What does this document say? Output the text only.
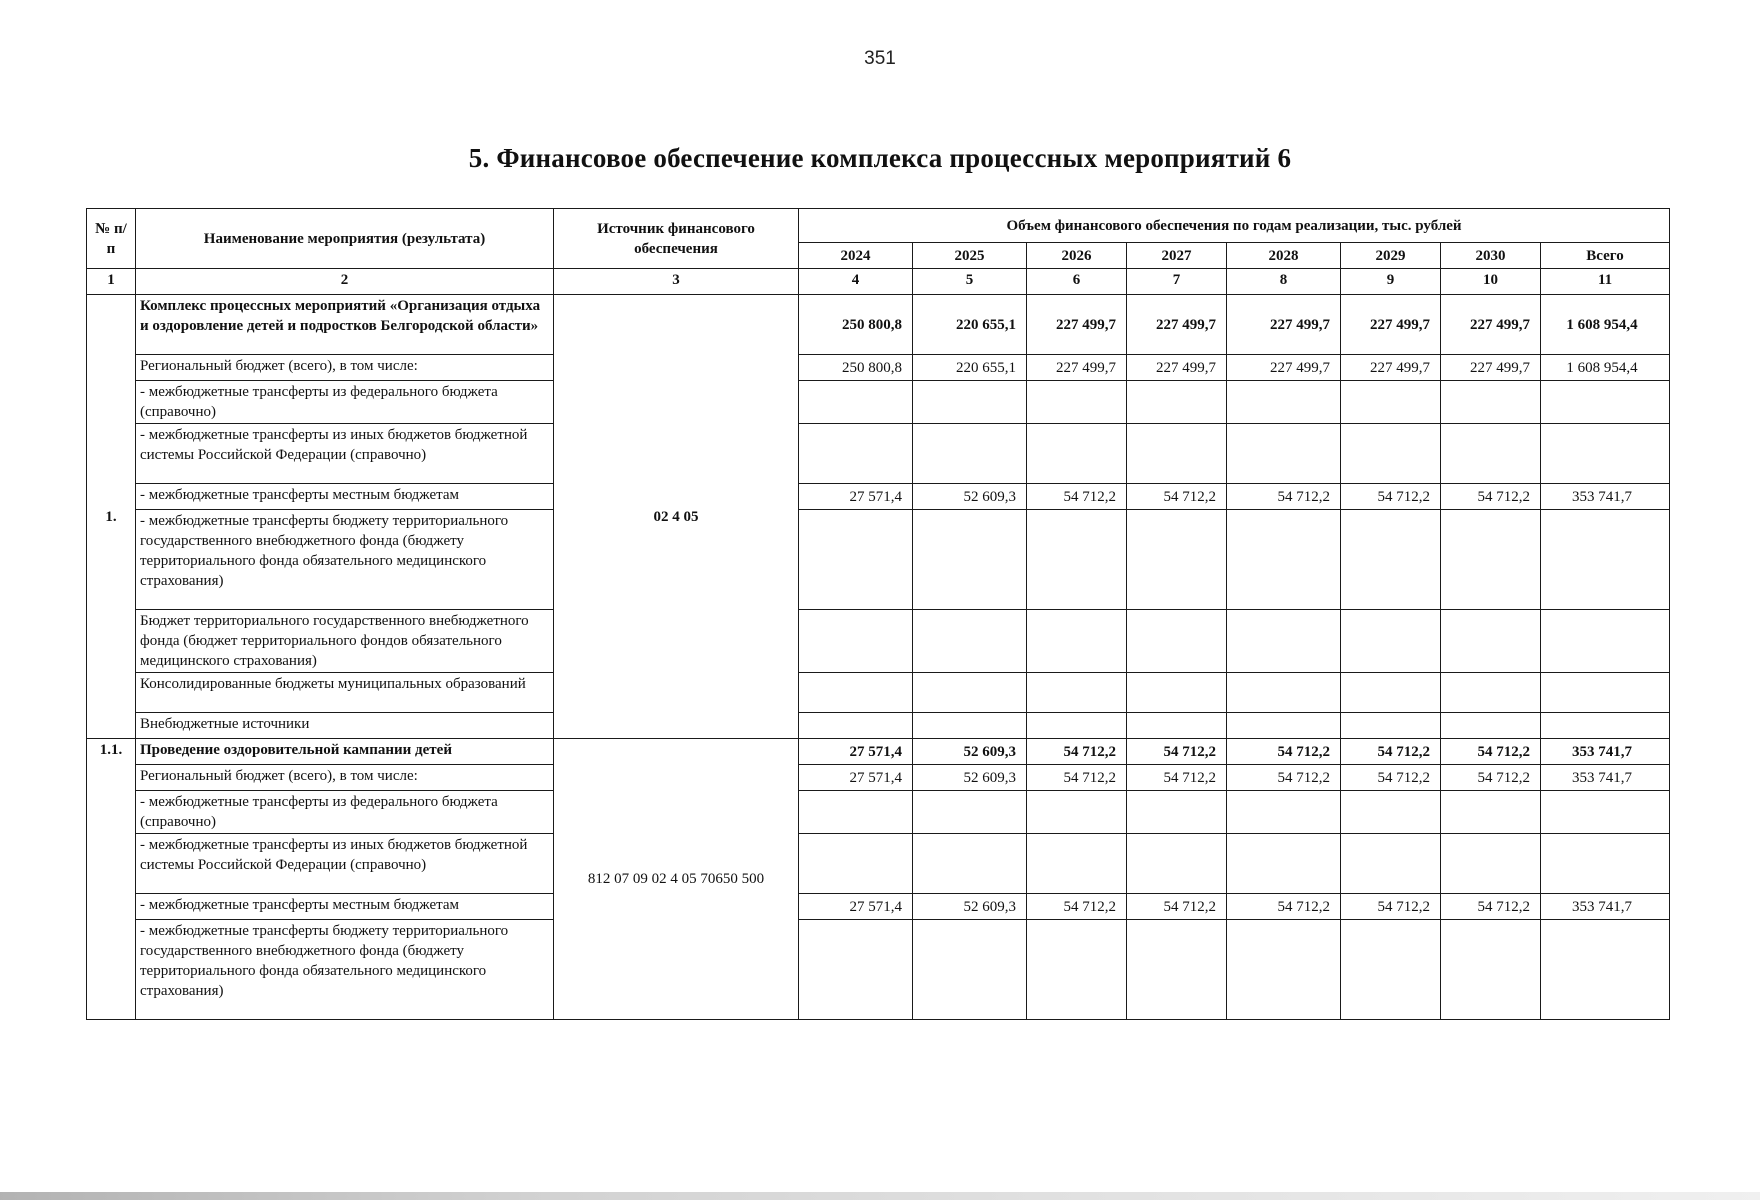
351
5. Финансовое обеспечение комплекса процессных мероприятий 6
№ п/п	Наименование мероприятия (результата)	Источник финансового обеспечения	Объем финансового обеспечения по годам реализации, тыс. рублей							
			2024	2025	2026	2027	2028	2029	2030	Всего
1	2	3	4	5	6	7	8	9	10	11
1.	Комплекс процессных мероприятий «Организация отдыха и оздоровление детей и подростков Белгородской области»	02 4 05	250 800,8	220 655,1	227 499,7	227 499,7	227 499,7	227 499,7	227 499,7	1 608 954,4
	Региональный бюджет (всего), в том числе:		250 800,8	220 655,1	227 499,7	227 499,7	227 499,7	227 499,7	227 499,7	1 608 954,4
	- межбюджетные трансферты из федерального бюджета (справочно)									
	- межбюджетные трансферты из иных бюджетов бюджетной системы Российской Федерации (справочно)									
	- межбюджетные трансферты местным бюджетам		27 571,4	52 609,3	54 712,2	54 712,2	54 712,2	54 712,2	54 712,2	353 741,7
	- межбюджетные трансферты бюджету территориального государственного внебюджетного фонда (бюджету территориального фонда обязательного медицинского страхования)									
	Бюджет территориального государственного внебюджетного фонда (бюджет территориального фондов обязательного медицинского страхования)									
	Консолидированные бюджеты муниципальных образований									
	Внебюджетные источники									
1.1.	Проведение оздоровительной кампании детей	812 07 09 02 4 05 70650 500	27 571,4	52 609,3	54 712,2	54 712,2	54 712,2	54 712,2	54 712,2	353 741,7
	Региональный бюджет (всего), в том числе:		27 571,4	52 609,3	54 712,2	54 712,2	54 712,2	54 712,2	54 712,2	353 741,7
	- межбюджетные трансферты из федерального бюджета (справочно)									
	- межбюджетные трансферты из иных бюджетов бюджетной системы Российской Федерации (справочно)									
	- межбюджетные трансферты местным бюджетам		27 571,4	52 609,3	54 712,2	54 712,2	54 712,2	54 712,2	54 712,2	353 741,7
	- межбюджетные трансферты бюджету территориального государственного внебюджетного фонда (бюджету территориального фонда обязательного медицинского страхования)									
